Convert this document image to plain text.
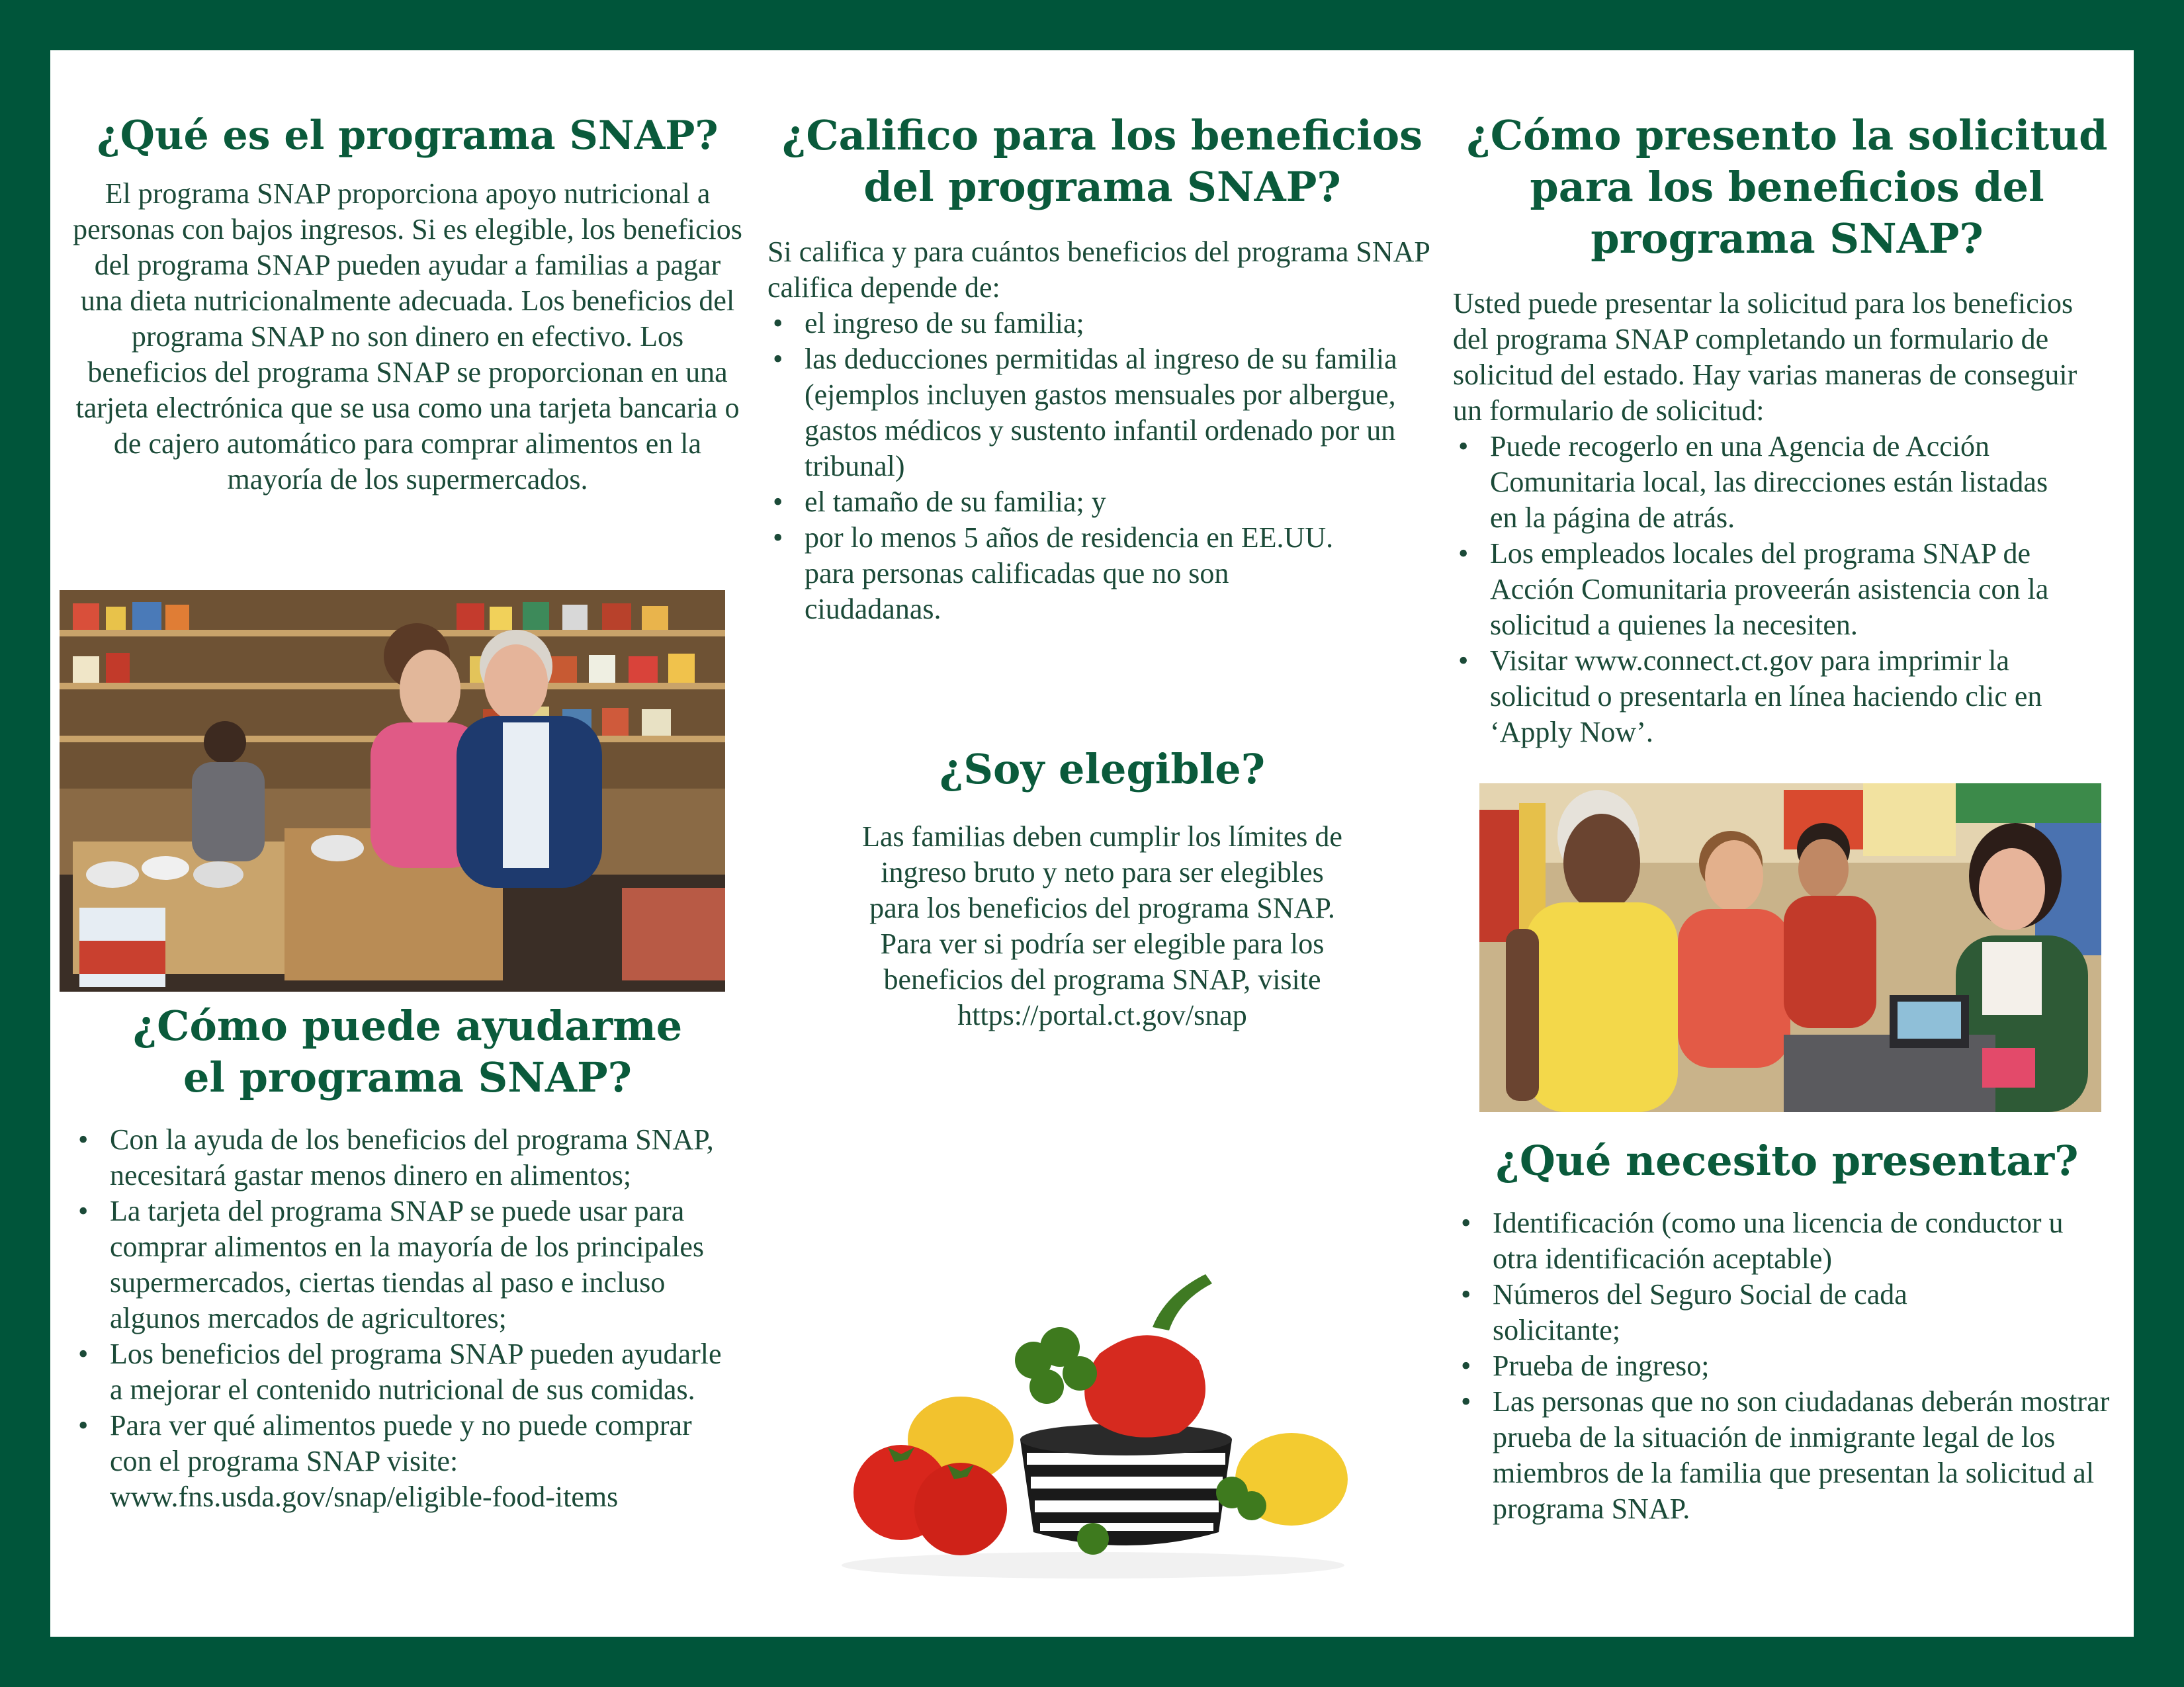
¿Qué es el programa SNAP?

El programa SNAP proporciona apoyo nutricional a personas con bajos ingresos. Si es elegible, los beneficios del programa SNAP pueden ayudar a familias a pagar una dieta nutricionalmente adecuada. Los beneficios del programa SNAP no son dinero en efectivo. Los beneficios del programa SNAP se proporcionan en una tarjeta electrónica que se usa como una tarjeta bancaria o de cajero automático para comprar alimentos en la mayoría de los supermercados.

¿Cómo puede ayudarme
el programa SNAP?
• Con la ayuda de los beneficios del programa SNAP, necesitará gastar menos dinero en alimentos;
• La tarjeta del programa SNAP se puede usar para comprar alimentos en la mayoría de los principales supermercados, ciertas tiendas al paso e incluso algunos mercados de agricultores;
• Los beneficios del programa SNAP pueden ayudarle a mejorar el contenido nutricional de sus comidas.
• Para ver qué alimentos puede y no puede comprar con el programa SNAP visite: www.fns.usda.gov/snap/eligible-food-items
¿Califico para los beneficios
del programa SNAP?

Si califica y para cuántos beneficios del programa SNAP califica depende de:

• el ingreso de su familia;
• las deducciones permitidas al ingreso de su familia (ejemplos incluyen gastos mensuales por albergue, gastos médicos y sustento infantil ordenado por un tribunal)
• el tamaño de su familia; y
• por lo menos 5 años de residencia en EE.UU. para personas calificadas que no son ciudadanas.
¿Soy elegible?

Las familias deben cumplir los límites de ingreso bruto y neto para ser elegibles para los beneficios del programa SNAP. Para ver si podría ser elegible para los beneficios del programa SNAP, visite https://portal.ct.gov/snap

¿Cómo presento la solicitud
para los beneficios del
programa SNAP?

Usted puede presentar la solicitud para los beneficios del programa SNAP completando un formulario de solicitud del estado. Hay varias maneras de conseguir un formulario de solicitud:

• Puede recogerlo en una Agencia de Acción Comunitaria local, las direcciones están listadas en la página de atrás.
• Los empleados locales del programa SNAP de Acción Comunitaria proveerán asistencia con la solicitud a quienes la necesiten.
• Visitar www.connect.ct.gov para imprimir la solicitud o presentarla en línea haciendo clic en ‘Apply Now’.
¿Qué necesito presentar?
• Identificación (como una licencia de conductor u otra identificación aceptable)
• Números del Seguro Social de cada solicitante;
• Prueba de ingreso;
• Las personas que no son ciudadanas deberán mostrar prueba de la situación de inmigrante legal de los miembros de la familia que presentan la solicitud al programa SNAP.
